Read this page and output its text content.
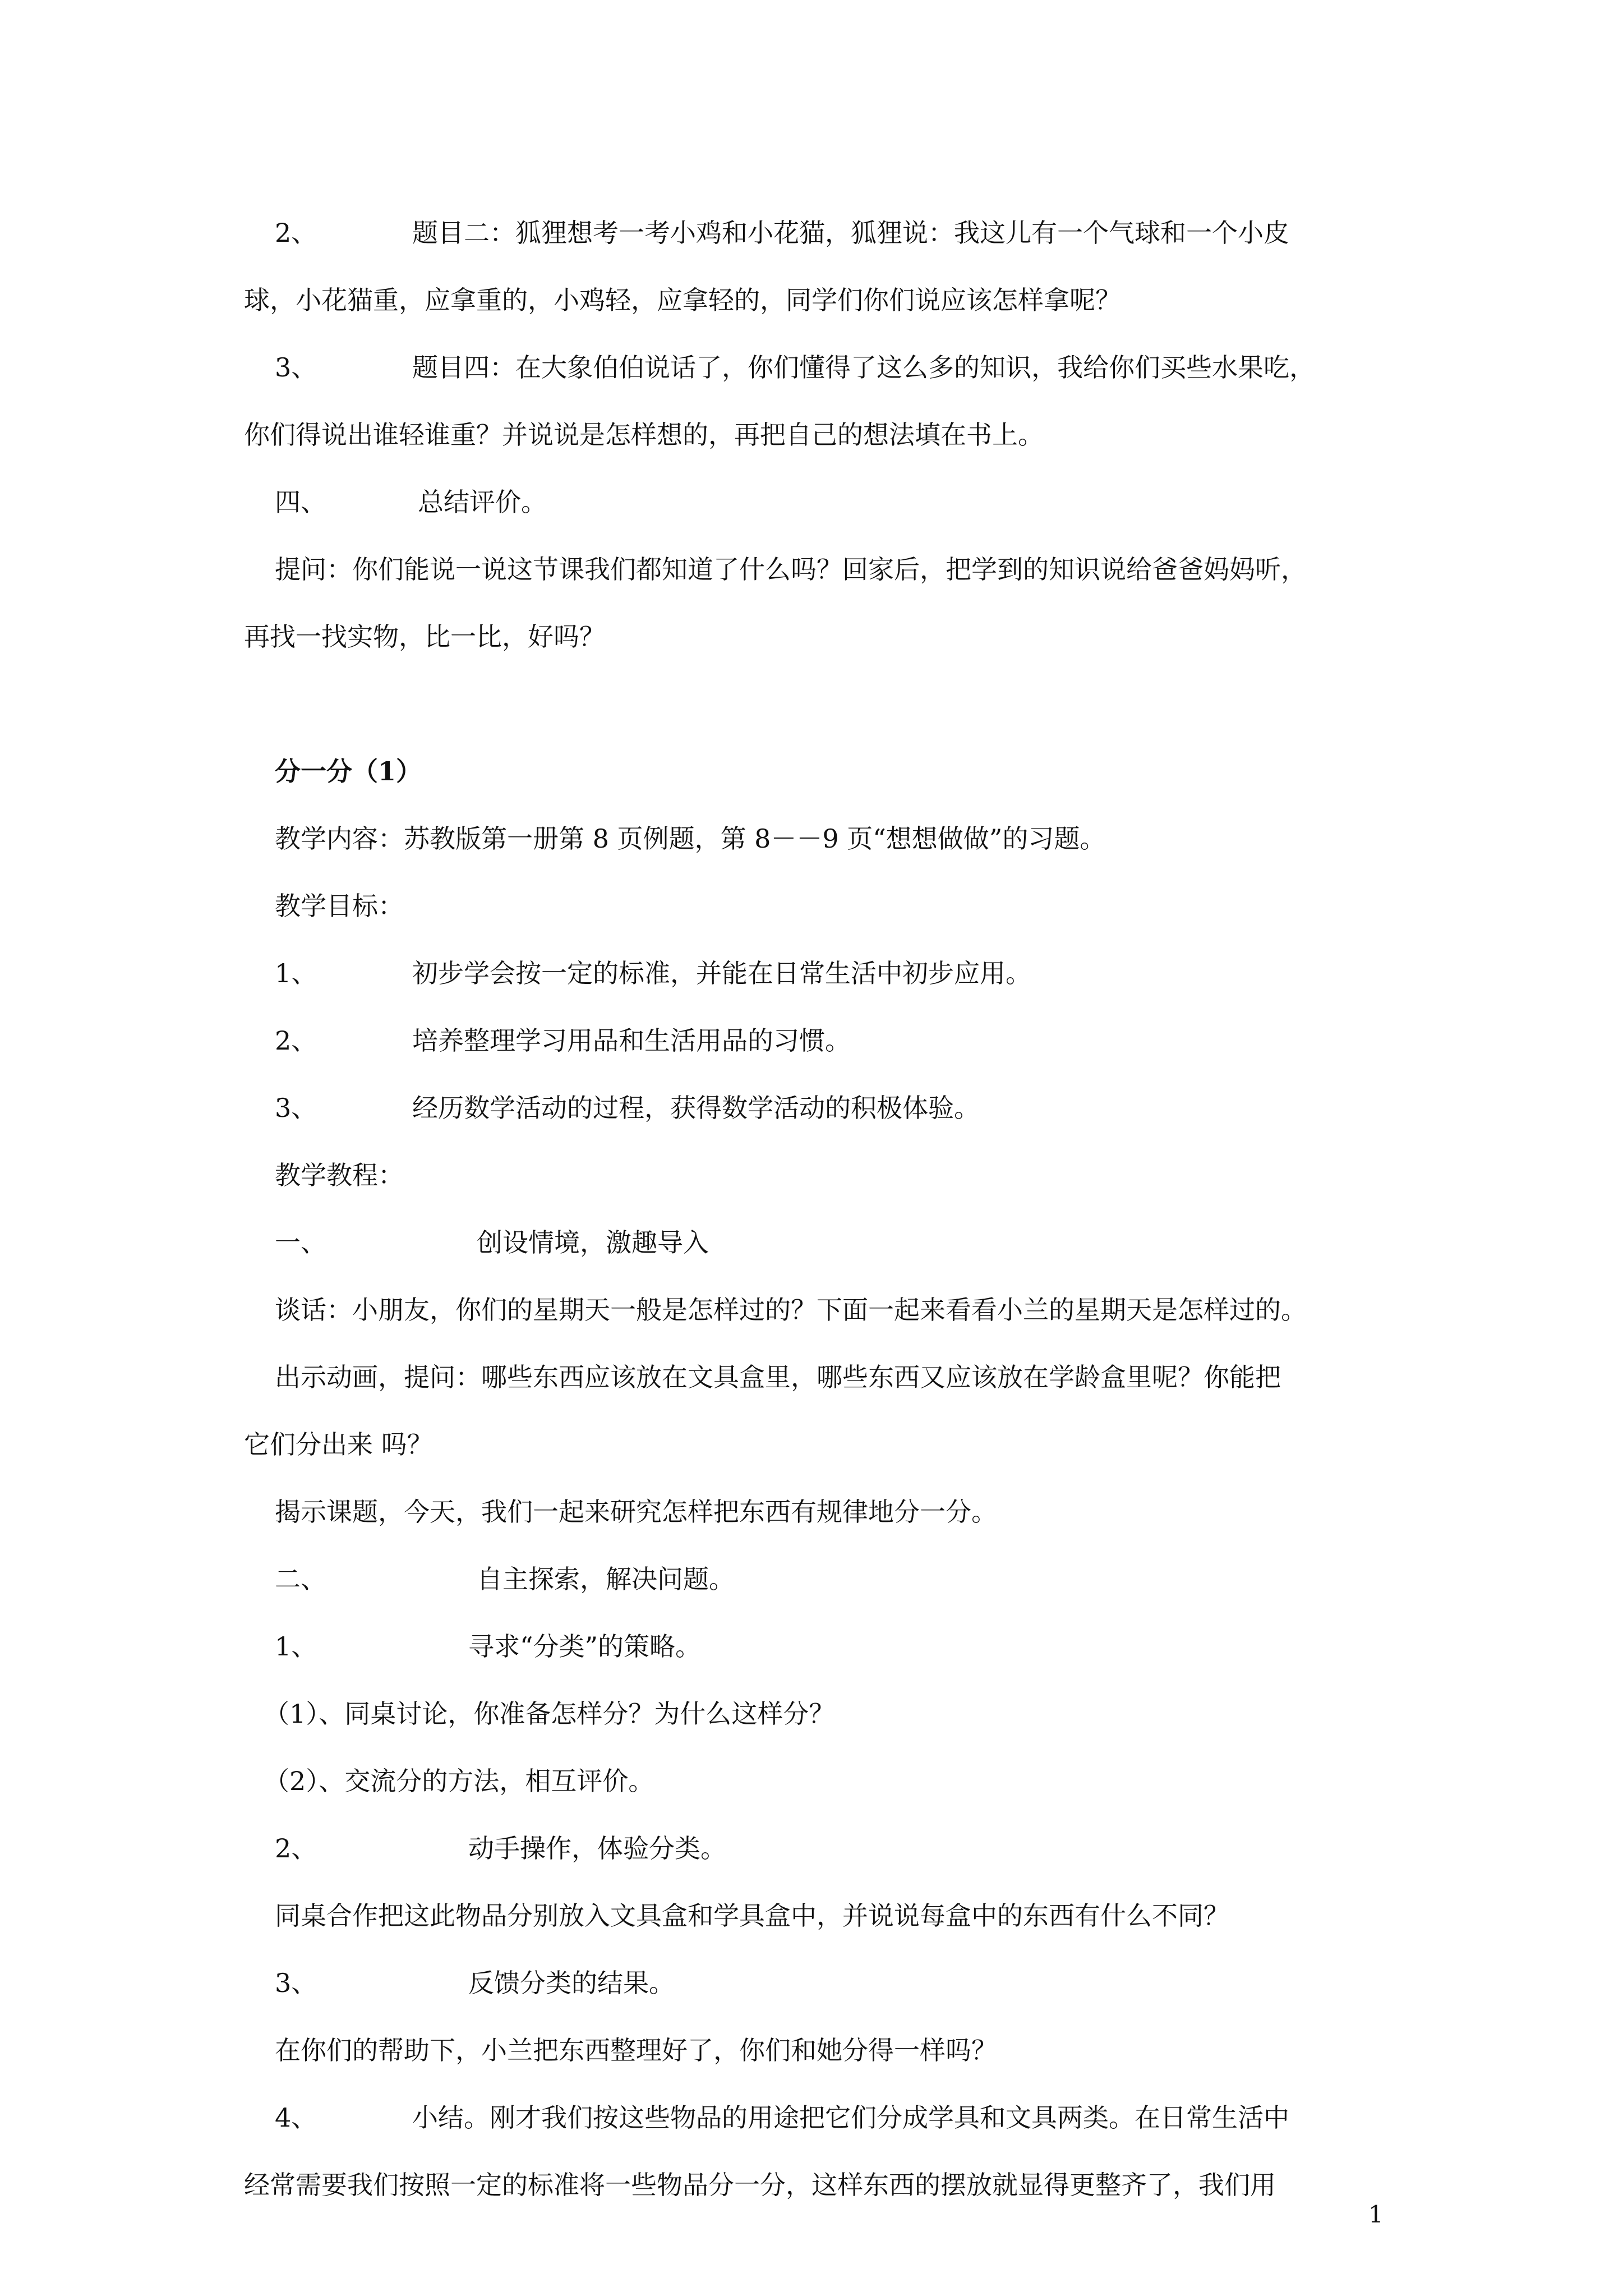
2、	题目二：狐狸想考一考小鸡和小花猫，狐狸说：我这儿有一个气球和一个小皮
球，小花猫重，应拿重的，小鸡轻，应拿轻的，同学们你们说应该怎样拿呢？
3、	题目四：在大象伯伯说话了，你们懂得了这么多的知识，我给你们买些水果吃，
你们得说出谁轻谁重？并说说是怎样想的，再把自己的想法填在书上。
四、	总结评价。
提问：你们能说一说这节课我们都知道了什么吗？回家后，把学到的知识说给爸爸妈妈听，
再找一找实物，比一比，好吗？
分一分（1）
教学内容：苏教版第一册第 8 页例题，第 8－－9 页“想想做做”的习题。
教学目标：
1、	初步学会按一定的标准，并能在日常生活中初步应用。
2、	培养整理学习用品和生活用品的习惯。
3、	经历数学活动的过程，获得数学活动的积极体验。
教学教程：
一、	创设情境，激趣导入
谈话：小朋友，你们的星期天一般是怎样过的？下面一起来看看小兰的星期天是怎样过的。
出示动画，提问：哪些东西应该放在文具盒里，哪些东西又应该放在学龄盒里呢？你能把
它们分出来 吗？
揭示课题，今天，我们一起来研究怎样把东西有规律地分一分。
二、	自主探索，解决问题。
1、	寻求“分类”的策略。
（1）、同桌讨论，你准备怎样分？为什么这样分？
（2）、交流分的方法，相互评价。
2、	动手操作，体验分类。
同桌合作把这此物品分别放入文具盒和学具盒中，并说说每盒中的东西有什么不同？
3、	反馈分类的结果。
在你们的帮助下，小兰把东西整理好了，你们和她分得一样吗？
4、	小结。刚才我们按这些物品的用途把它们分成学具和文具两类。在日常生活中
经常需要我们按照一定的标准将一些物品分一分，这样东西的摆放就显得更整齐了，我们用
1
